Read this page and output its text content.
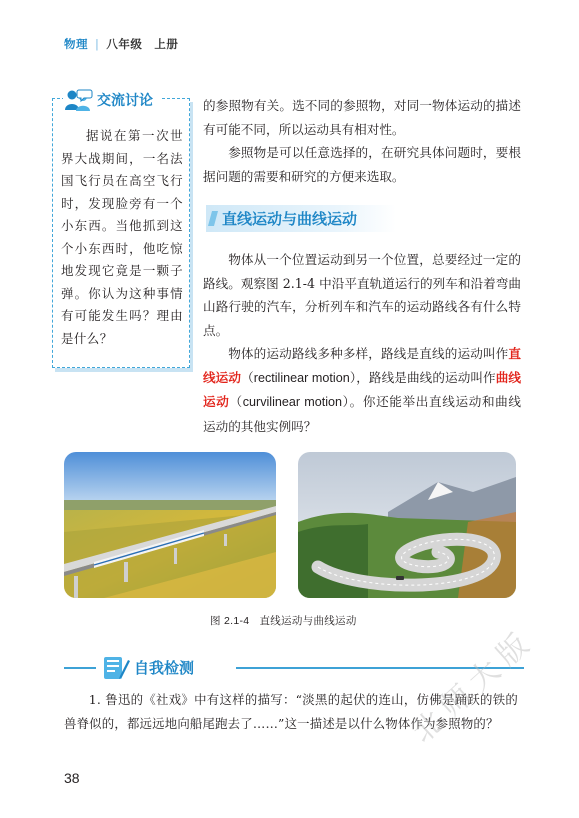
物理 | 八年级　上册
交流讨论
据说在第一次世界大战期间，一名法国飞行员在高空飞行时，发现脸旁有一个小东西。当他抓到这个小东西时，他吃惊地发现它竟是一颗子弹。你认为这种事情有可能发生吗？理由是什么？
的参照物有关。选不同的参照物，对同一物体运动的描述有可能不同，所以运动具有相对性。
参照物是可以任意选择的，在研究具体问题时，要根据问题的需要和研究的方便来选取。
直线运动与曲线运动
物体从一个位置运动到另一个位置，总要经过一定的路线。观察图 2.1-4 中沿平直轨道运行的列车和沿着弯曲山路行驶的汽车，分析列车和汽车的运动路线各有什么特点。
物体的运动路线多种多样，路线是直线的运动叫作直线运动（rectilinear motion），路线是曲线的运动叫作曲线运动（curvilinear motion）。你还能举出直线运动和曲线运动的其他实例吗？
图 2.1-4 直线运动与曲线运动
自我检测
1. 鲁迅的《社戏》中有这样的描写：“淡黑的起伏的连山，仿佛是踊跃的铁的兽脊似的，都远远地向船尾跑去了……”这一描述是以什么物体作为参照物的？
38
北师大版
